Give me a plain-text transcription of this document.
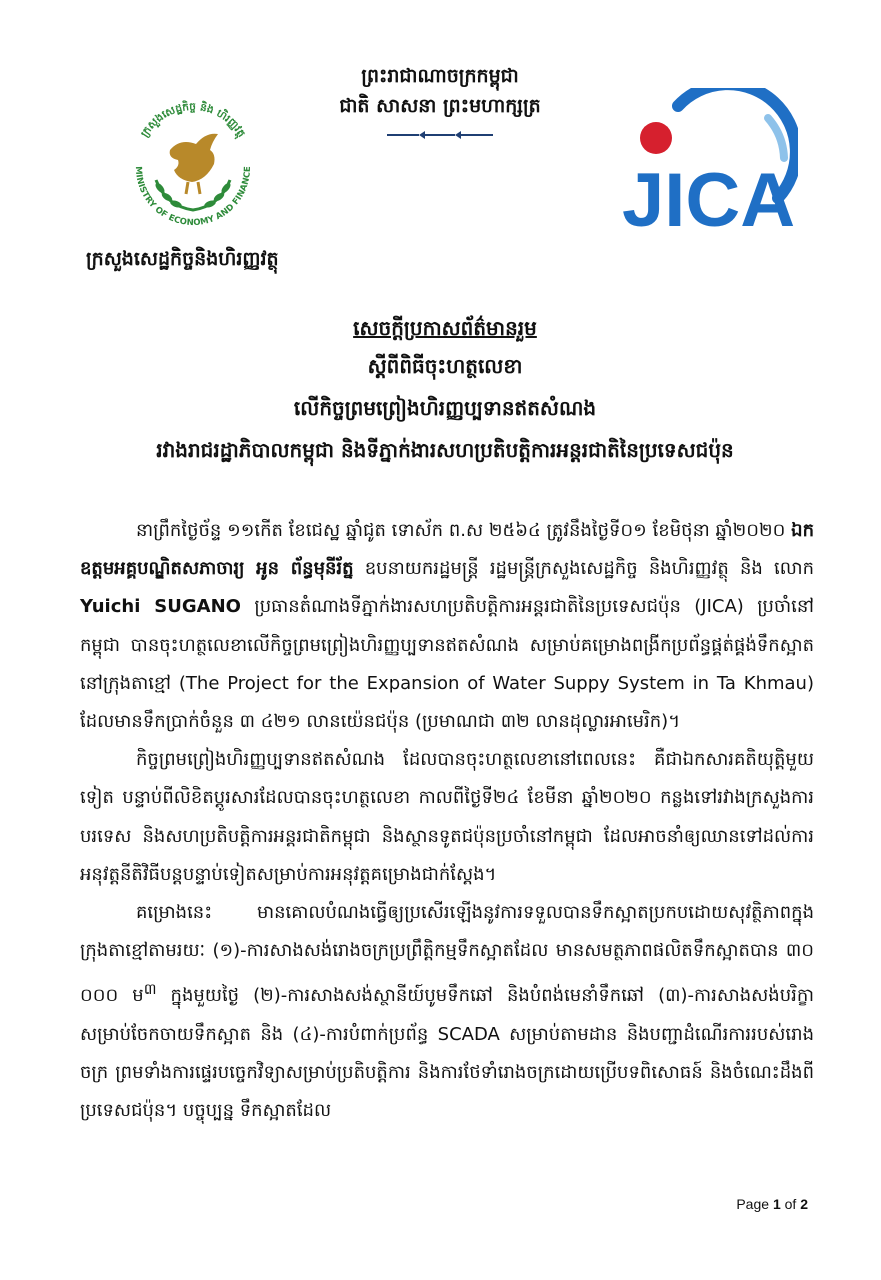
ក្រសួងសេដ្ឋកិច្ច និង ហិរញ្ញវត្ថុ
MINISTRY OF ECONOMY AND FINANCE
ក្រសួងសេដ្ឋកិច្ចនិងហិរញ្ញវត្ថុ
ព្រះរាជាណាចក្រកម្ពុជា
ជាតិ សាសនា ព្រះមហាក្សត្រ
JICA

សេចក្តីប្រកាសព័ត៌មានរួម

ស្តីពីពិធីចុះហត្ថលេខា

លើកិច្ចព្រមព្រៀងហិរញ្ញប្បទានឥតសំណង

រវាងរាជរដ្ឋាភិបាលកម្ពុជា និងទីភ្នាក់ងារសហប្រតិបត្តិការអន្តរជាតិនៃប្រទេសជប៉ុន

នាព្រឹកថ្ងៃច័ន្ទ ១១កើត ខែជេស្ឋ ឆ្នាំជូត ទោស័ក ព.ស ២៥៦៤ ត្រូវនឹងថ្ងៃទី០១ ខែមិថុនា ឆ្នាំ២០២០ ឯកឧត្តមអគ្គបណ្ឌិតសភាចារ្យ អូន ព័ន្ធមុនីរ័ត្ន ឧបនាយករដ្ឋមន្ត្រី រដ្ឋមន្ត្រីក្រសួងសេដ្ឋកិច្ច និងហិរញ្ញវត្ថុ និង លោក Yuichi SUGANO ប្រធានតំណាងទីភ្នាក់ងារសហប្រតិបត្តិការអន្តរជាតិនៃប្រទេសជប៉ុន (JICA) ប្រចាំនៅកម្ពុជា បានចុះហត្ថលេខាលើកិច្ចព្រមព្រៀងហិរញ្ញប្បទានឥតសំណង សម្រាប់គម្រោងពង្រីកប្រព័ន្ធផ្គត់ផ្គង់ទឹកស្អាតនៅក្រុងតាខ្មៅ (The Project for the Expansion of Water Suppy System in Ta Khmau) ដែលមានទឹកប្រាក់ចំនួន ៣ ៤២១ លានយ៉េនជប៉ុន (ប្រមាណជា ៣២ លានដុល្លារអាមេរិក)។

កិច្ចព្រមព្រៀងហិរញ្ញប្បទានឥតសំណង ដែលបានចុះហត្ថលេខានៅពេលនេះ គឺជាឯកសារគតិយុត្តិមួយទៀត បន្ទាប់ពីលិខិតប្តូរសារដែលបានចុះហត្ថលេខា កាលពីថ្ងៃទី២៤ ខែមីនា ឆ្នាំ២០២០ កន្លងទៅរវាងក្រសួងការបរទេស និងសហប្រតិបត្តិការអន្តរជាតិកម្ពុជា និងស្ថានទូតជប៉ុនប្រចាំនៅកម្ពុជា ដែលអាចនាំឲ្យឈានទៅដល់ការអនុវត្តនីតិវិធីបន្តបន្ទាប់ទៀតសម្រាប់ការអនុវត្តគម្រោងជាក់ស្តែង។

គម្រោងនេះ មានគោលបំណងធ្វើឲ្យប្រសើរឡើងនូវការទទួលបានទឹកស្អាតប្រកបដោយសុវត្ថិភាពក្នុងក្រុងតាខ្មៅតាមរយៈ (១)-ការសាងសង់រោងចក្រប្រព្រឹត្តិកម្មទឹកស្អាតដែល មានសមត្ថភាពផលិតទឹកស្អាតបាន ៣០ ០០០ ម$^៣$ ក្នុងមួយថ្ងៃ (២)-ការសាងសង់ស្ថានីយ៍បូមទឹកឆៅ និងបំពង់មេនាំទឹកឆៅ (៣)-ការសាងសង់បរិក្ខាសម្រាប់ចែកចាយទឹកស្អាត និង (៤)-ការបំពាក់ប្រព័ន្ធ SCADA សម្រាប់តាមដាន និងបញ្ជាដំណើរការរបស់រោងចក្រ ព្រមទាំងការផ្ទេរបច្ចេកវិទ្យាសម្រាប់ប្រតិបត្តិការ និងការថែទាំរោងចក្រដោយប្រើបទពិសោធន៍ និងចំណេះដឹងពីប្រទេសជប៉ុន។ បច្ចុប្បន្ន ទឹកស្អាតដែល

Page 1 of 2
